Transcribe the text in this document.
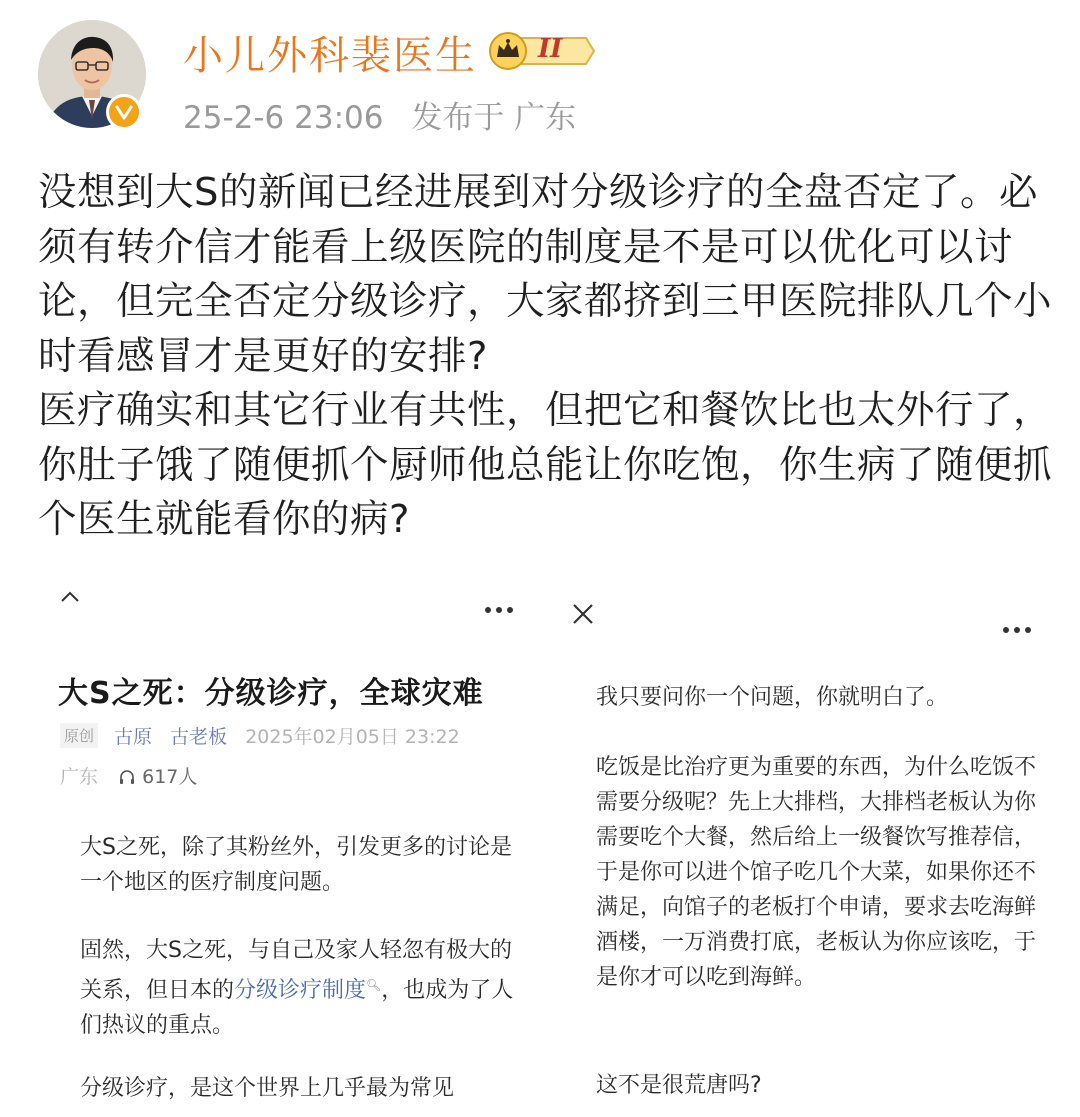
小儿外科裴医生 II
25-2-6 23:06 发布于 广东

没想到大S的新闻已经进展到对分级诊疗的全盘否定了。必须有转介信才能看上级医院的制度是不是可以优化可以讨论，但完全否定分级诊疗，大家都挤到三甲医院排队几个小时看感冒才是更好的安排?

医疗确实和其它行业有共性，但把它和餐饮比也太外行了，你肚子饿了随便抓个厨师他总能让你吃饱，你生病了随便抓个医生就能看你的病?

大S之死：分级诊疗，全球灾难
原创 古原 古老板 2025年02月05日 23:22
广东 617人

大S之死，除了其粉丝外，引发更多的讨论是一个地区的医疗制度问题。

固然，大S之死，与自己及家人轻忽有极大的关系，但日本的分级诊疗制度🔍︎，也成为了人们热议的重点。

分级诊疗，是这个世界上几乎最为常见

我只要问你一个问题，你就明白了。

吃饭是比治疗更为重要的东西，为什么吃饭不需要分级呢？先上大排档，大排档老板认为你需要吃个大餐，然后给上一级餐饮写推荐信，于是你可以进个馆子吃几个大菜，如果你还不满足，向馆子的老板打个申请，要求去吃海鲜酒楼，一万消费打底，老板认为你应该吃，于是你才可以吃到海鲜。

这不是很荒唐吗?
